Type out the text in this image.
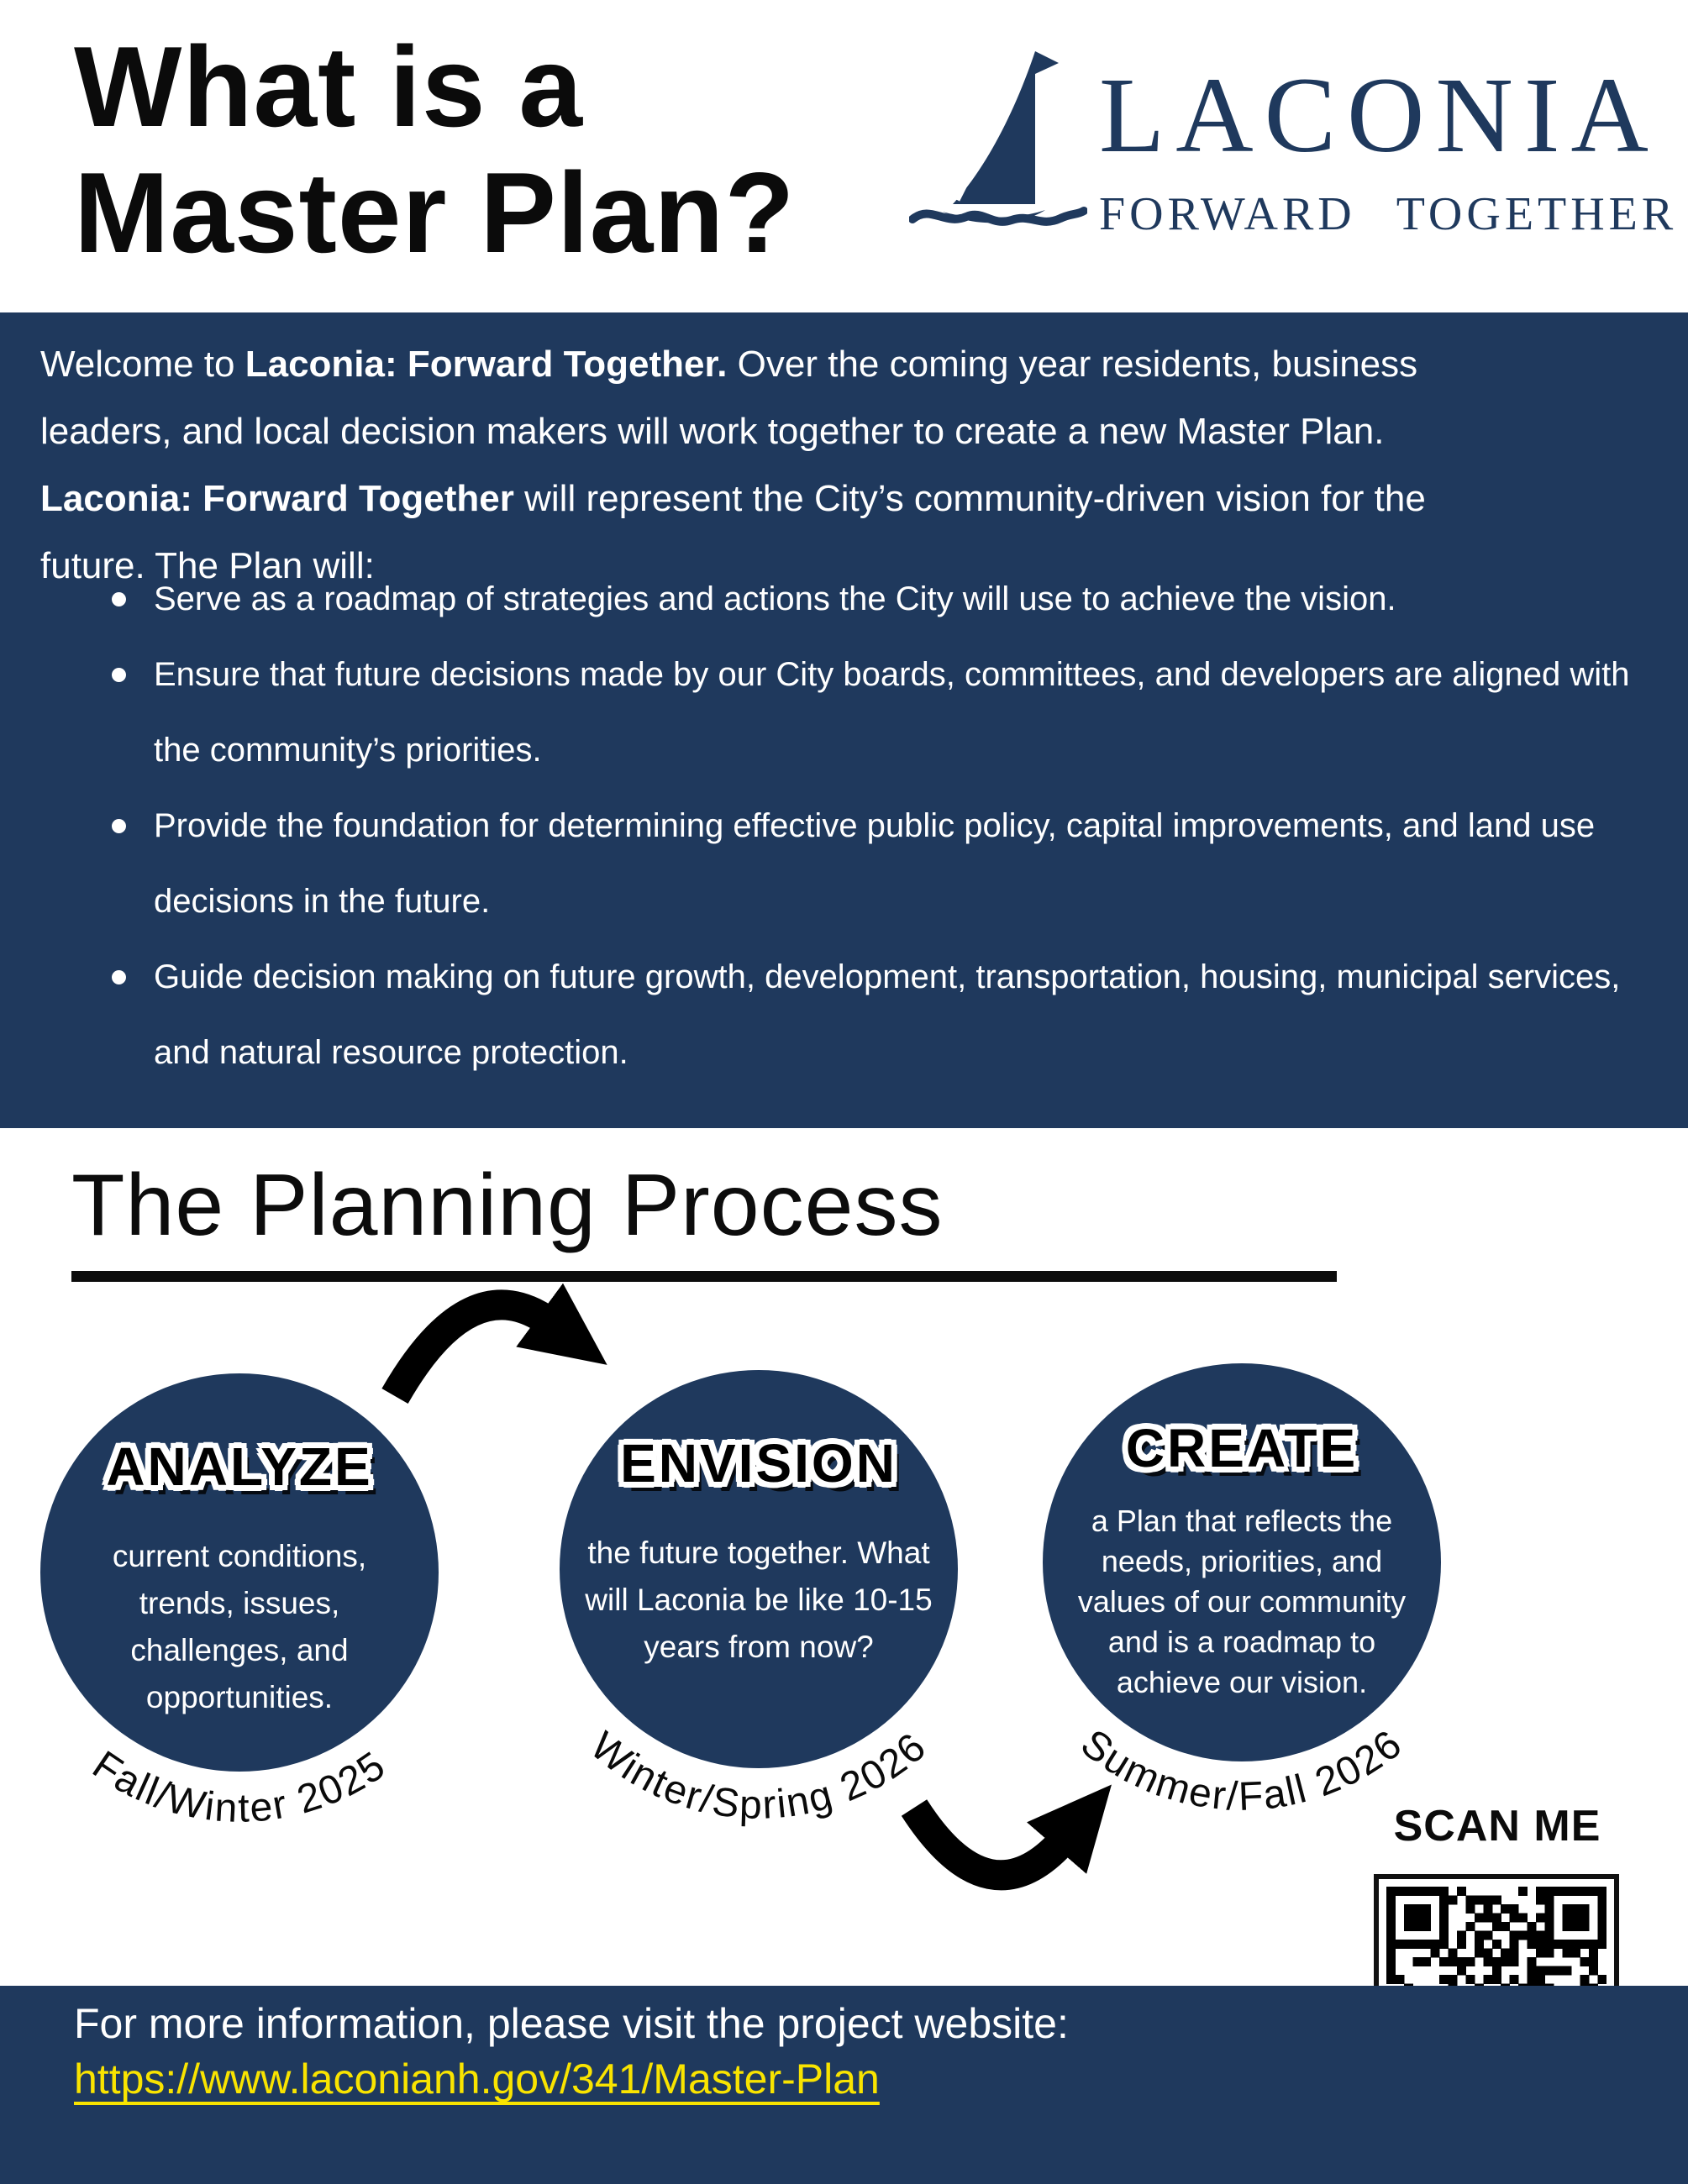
What is a
Master Plan?
LACONIA
FORWARD TOGETHER

Welcome to Laconia: Forward Together. Over the coming year residents, business leaders, and local decision makers will work together to create a new Master Plan. Laconia: Forward Together will represent the City’s community-driven vision for the future. The Plan will:

Serve as a roadmap of strategies and actions the City will use to achieve the vision.
Ensure that future decisions made by our City boards, committees, and developers are aligned with the community’s priorities.
Provide the foundation for determining effective public policy, capital improvements, and land use decisions in the future.
Guide decision making on future growth, development, transportation, housing, municipal services, and natural resource protection.
The Planning Process
ANALYZE
current conditions, trends, issues, challenges, and opportunities.
ENVISION
the future together. What will Laconia be like 10-15 years from now?
CREATE
a Plan that reflects the needs, priorities, and values of our community and is a roadmap to achieve our vision.
Fall/Winter 2025	Winter/Spring 2026	Summer/Fall 2026
SCAN ME
For more information, please visit the project website:
https://www.laconianh.gov/341/Master-Plan
